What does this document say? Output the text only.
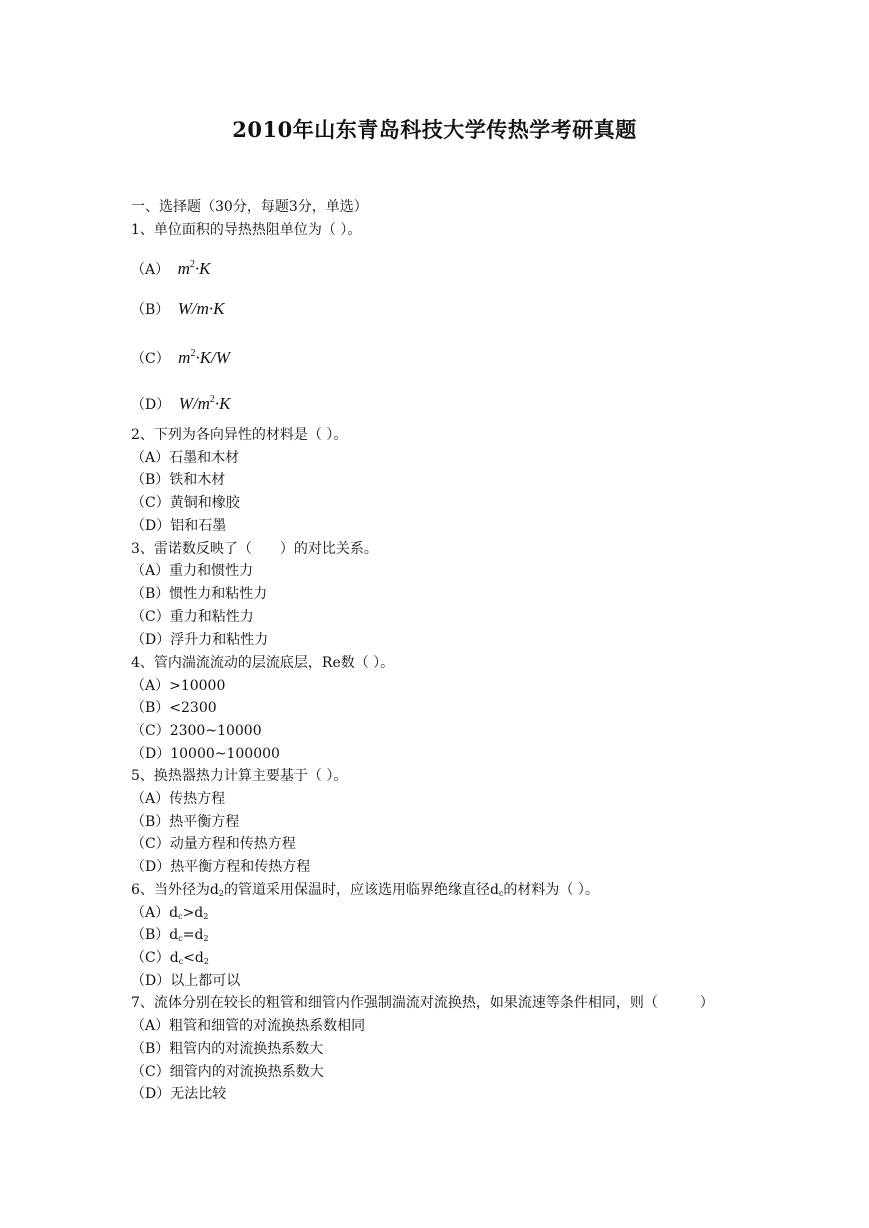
2010年山东青岛科技大学传热学考研真题
一、选择题（30分，每题3分，单选）
1、单位面积的导热热阻单位为（ ）。
（A） $m^2\cdot K$
（B） W/m·K
（C） $m^2\cdot K/W$
（D） $W/m^2\cdot K$
2、下列为各向异性的材料是（ ）。
（A）石墨和木材
（B）铁和木材
（C）黄铜和橡胶
（D）铝和石墨
3、雷诺数反映了（　　）的对比关系。
（A）重力和惯性力
（B）惯性力和粘性力
（C）重力和粘性力
（D）浮升力和粘性力
4、管内湍流流动的层流底层，Re数（ ）。
（A）>10000
（B）<2300
（C）2300~10000
（D）10000~100000
5、换热器热力计算主要基于（ ）。
（A）传热方程
（B）热平衡方程
（C）动量方程和传热方程
（D）热平衡方程和传热方程
6、当外径为$d_2$的管道采用保温时，应该选用临界绝缘直径$d_c$的材料为（ ）。
$(A)d_c>d_2$
$(B)d_c=d_2$
$(C)d_c<d_2$
（D）以上都可以
7、流体分别在较长的粗管和细管内作强制湍流对流换热，如果流速等条件相同，则（　　　）
（A）粗管和细管的对流换热系数相同
（B）粗管内的对流换热系数大
（C）细管内的对流换热系数大
（D）无法比较
